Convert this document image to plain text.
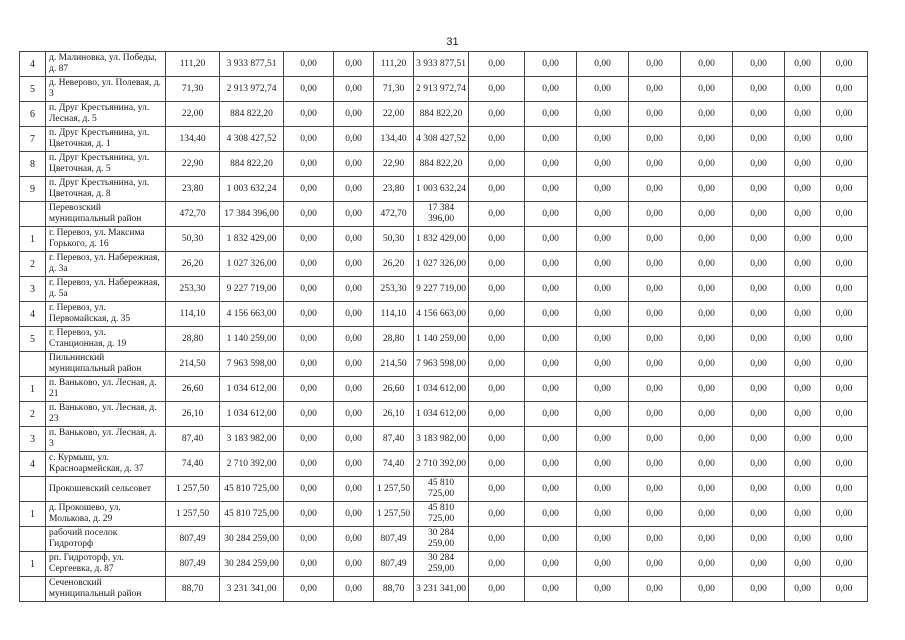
31
4	д. Малиновка, ул. Победы, д. 87	111,20	3 933 877,51	0,00	0,00	111,20	3 933 877,51	0,00	0,00	0,00	0,00	0,00	0,00	0,00	0,00
5	д. Неверово, ул. Полевая, д. 3	71,30	2 913 972,74	0,00	0,00	71,30	2 913 972,74	0,00	0,00	0,00	0,00	0,00	0,00	0,00	0,00
6	п. Друг Крестьянина, ул. Лесная, д. 5	22,00	884 822,20	0,00	0,00	22,00	884 822,20	0,00	0,00	0,00	0,00	0,00	0,00	0,00	0,00
7	п. Друг Крестьянина, ул. Цветочная, д. 1	134,40	4 308 427,52	0,00	0,00	134,40	4 308 427,52	0,00	0,00	0,00	0,00	0,00	0,00	0,00	0,00
8	п. Друг Крестьянина, ул. Цветочная, д. 5	22,90	884 822,20	0,00	0,00	22,90	884 822,20	0,00	0,00	0,00	0,00	0,00	0,00	0,00	0,00
9	п. Друг Крестьянина, ул. Цветочная, д. 8	23,80	1 003 632,24	0,00	0,00	23,80	1 003 632,24	0,00	0,00	0,00	0,00	0,00	0,00	0,00	0,00
	Перевозский муниципальный район	472,70	17 384 396,00	0,00	0,00	472,70	17 384 396,00	0,00	0,00	0,00	0,00	0,00	0,00	0,00	0,00
1	г. Перевоз, ул. Максима Горького, д. 16	50,30	1 832 429,00	0,00	0,00	50,30	1 832 429,00	0,00	0,00	0,00	0,00	0,00	0,00	0,00	0,00
2	г. Перевоз, ул. Набережная, д. 3а	26,20	1 027 326,00	0,00	0,00	26,20	1 027 326,00	0,00	0,00	0,00	0,00	0,00	0,00	0,00	0,00
3	г. Перевоз, ул. Набережная, д. 5а	253,30	9 227 719,00	0,00	0,00	253,30	9 227 719,00	0,00	0,00	0,00	0,00	0,00	0,00	0,00	0,00
4	г. Перевоз, ул. Первомайская, д. 35	114,10	4 156 663,00	0,00	0,00	114,10	4 156 663,00	0,00	0,00	0,00	0,00	0,00	0,00	0,00	0,00
5	г. Перевоз, ул. Станционная, д. 19	28,80	1 140 259,00	0,00	0,00	28,80	1 140 259,00	0,00	0,00	0,00	0,00	0,00	0,00	0,00	0,00
	Пильнинский муниципальный район	214,50	7 963 598,00	0,00	0,00	214,50	7 963 598,00	0,00	0,00	0,00	0,00	0,00	0,00	0,00	0,00
1	п. Ванькoво, ул. Лесная, д. 21	26,60	1 034 612,00	0,00	0,00	26,60	1 034 612,00	0,00	0,00	0,00	0,00	0,00	0,00	0,00	0,00
2	п. Ванькoво, ул. Лесная, д. 23	26,10	1 034 612,00	0,00	0,00	26,10	1 034 612,00	0,00	0,00	0,00	0,00	0,00	0,00	0,00	0,00
3	п. Ванькoво, ул. Лесная, д. 3	87,40	3 183 982,00	0,00	0,00	87,40	3 183 982,00	0,00	0,00	0,00	0,00	0,00	0,00	0,00	0,00
4	с. Курмыш, ул. Красноармейская, д. 37	74,40	2 710 392,00	0,00	0,00	74,40	2 710 392,00	0,00	0,00	0,00	0,00	0,00	0,00	0,00	0,00
	Прокошевский сельсовет	1 257,50	45 810 725,00	0,00	0,00	1 257,50	45 810 725,00	0,00	0,00	0,00	0,00	0,00	0,00	0,00	0,00
1	д. Прокошево, ул. Молькова, д. 29	1 257,50	45 810 725,00	0,00	0,00	1 257,50	45 810 725,00	0,00	0,00	0,00	0,00	0,00	0,00	0,00	0,00
	рабочий поселок Гидроторф	807,49	30 284 259,00	0,00	0,00	807,49	30 284 259,00	0,00	0,00	0,00	0,00	0,00	0,00	0,00	0,00
1	рп. Гидроторф, ул. Сергеевка, д. 87	807,49	30 284 259,00	0,00	0,00	807,49	30 284 259,00	0,00	0,00	0,00	0,00	0,00	0,00	0,00	0,00
	Сеченовский муниципальный район	88,70	3 231 341,00	0,00	0,00	88,70	3 231 341,00	0,00	0,00	0,00	0,00	0,00	0,00	0,00	0,00
